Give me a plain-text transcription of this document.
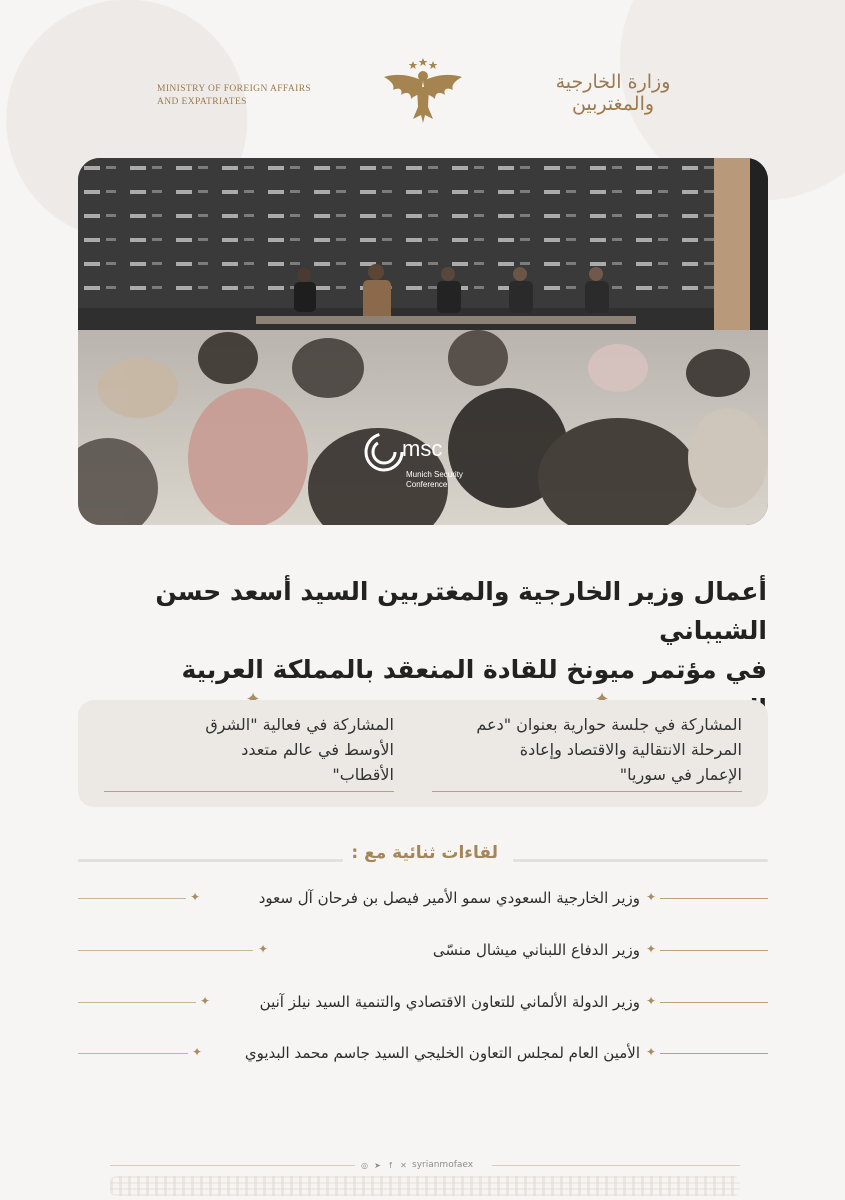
MINISTRY OF FOREIGN AFFAIRS
AND EXPATRIATES
وزارة الخارجية والمغتربين
msc
Munich Security
Conference
أعمال وزير الخارجية والمغتربين السيد أسعد حسن الشيباني
في مؤتمر ميونخ للقادة المنعقد بالمملكة العربية
المشاركة في جلسة حوارية بعنوان "دعم
المرحلة الانتقالية والاقتصاد وإعادة
الإعمار في سوريا"
المشاركة في فعالية "الشرق
الأوسط في عالم متعدد
الأقطاب"
لقاءات ثنائية مع :
✦	وزير الخارجية السعودي سمو الأمير فيصل بن فرحان آل سعود ✦
✦	وزير الدفاع اللبناني ميشال منسّى ✦
✦	وزير الدولة الألماني للتعاون الاقتصادي والتنمية السيد نيلز آنين ✦
✦	الأمين العام لمجلس التعاون الخليجي السيد جاسم محمد البديوي ✦
◎ ➤	f	✕ syrianmofaex
